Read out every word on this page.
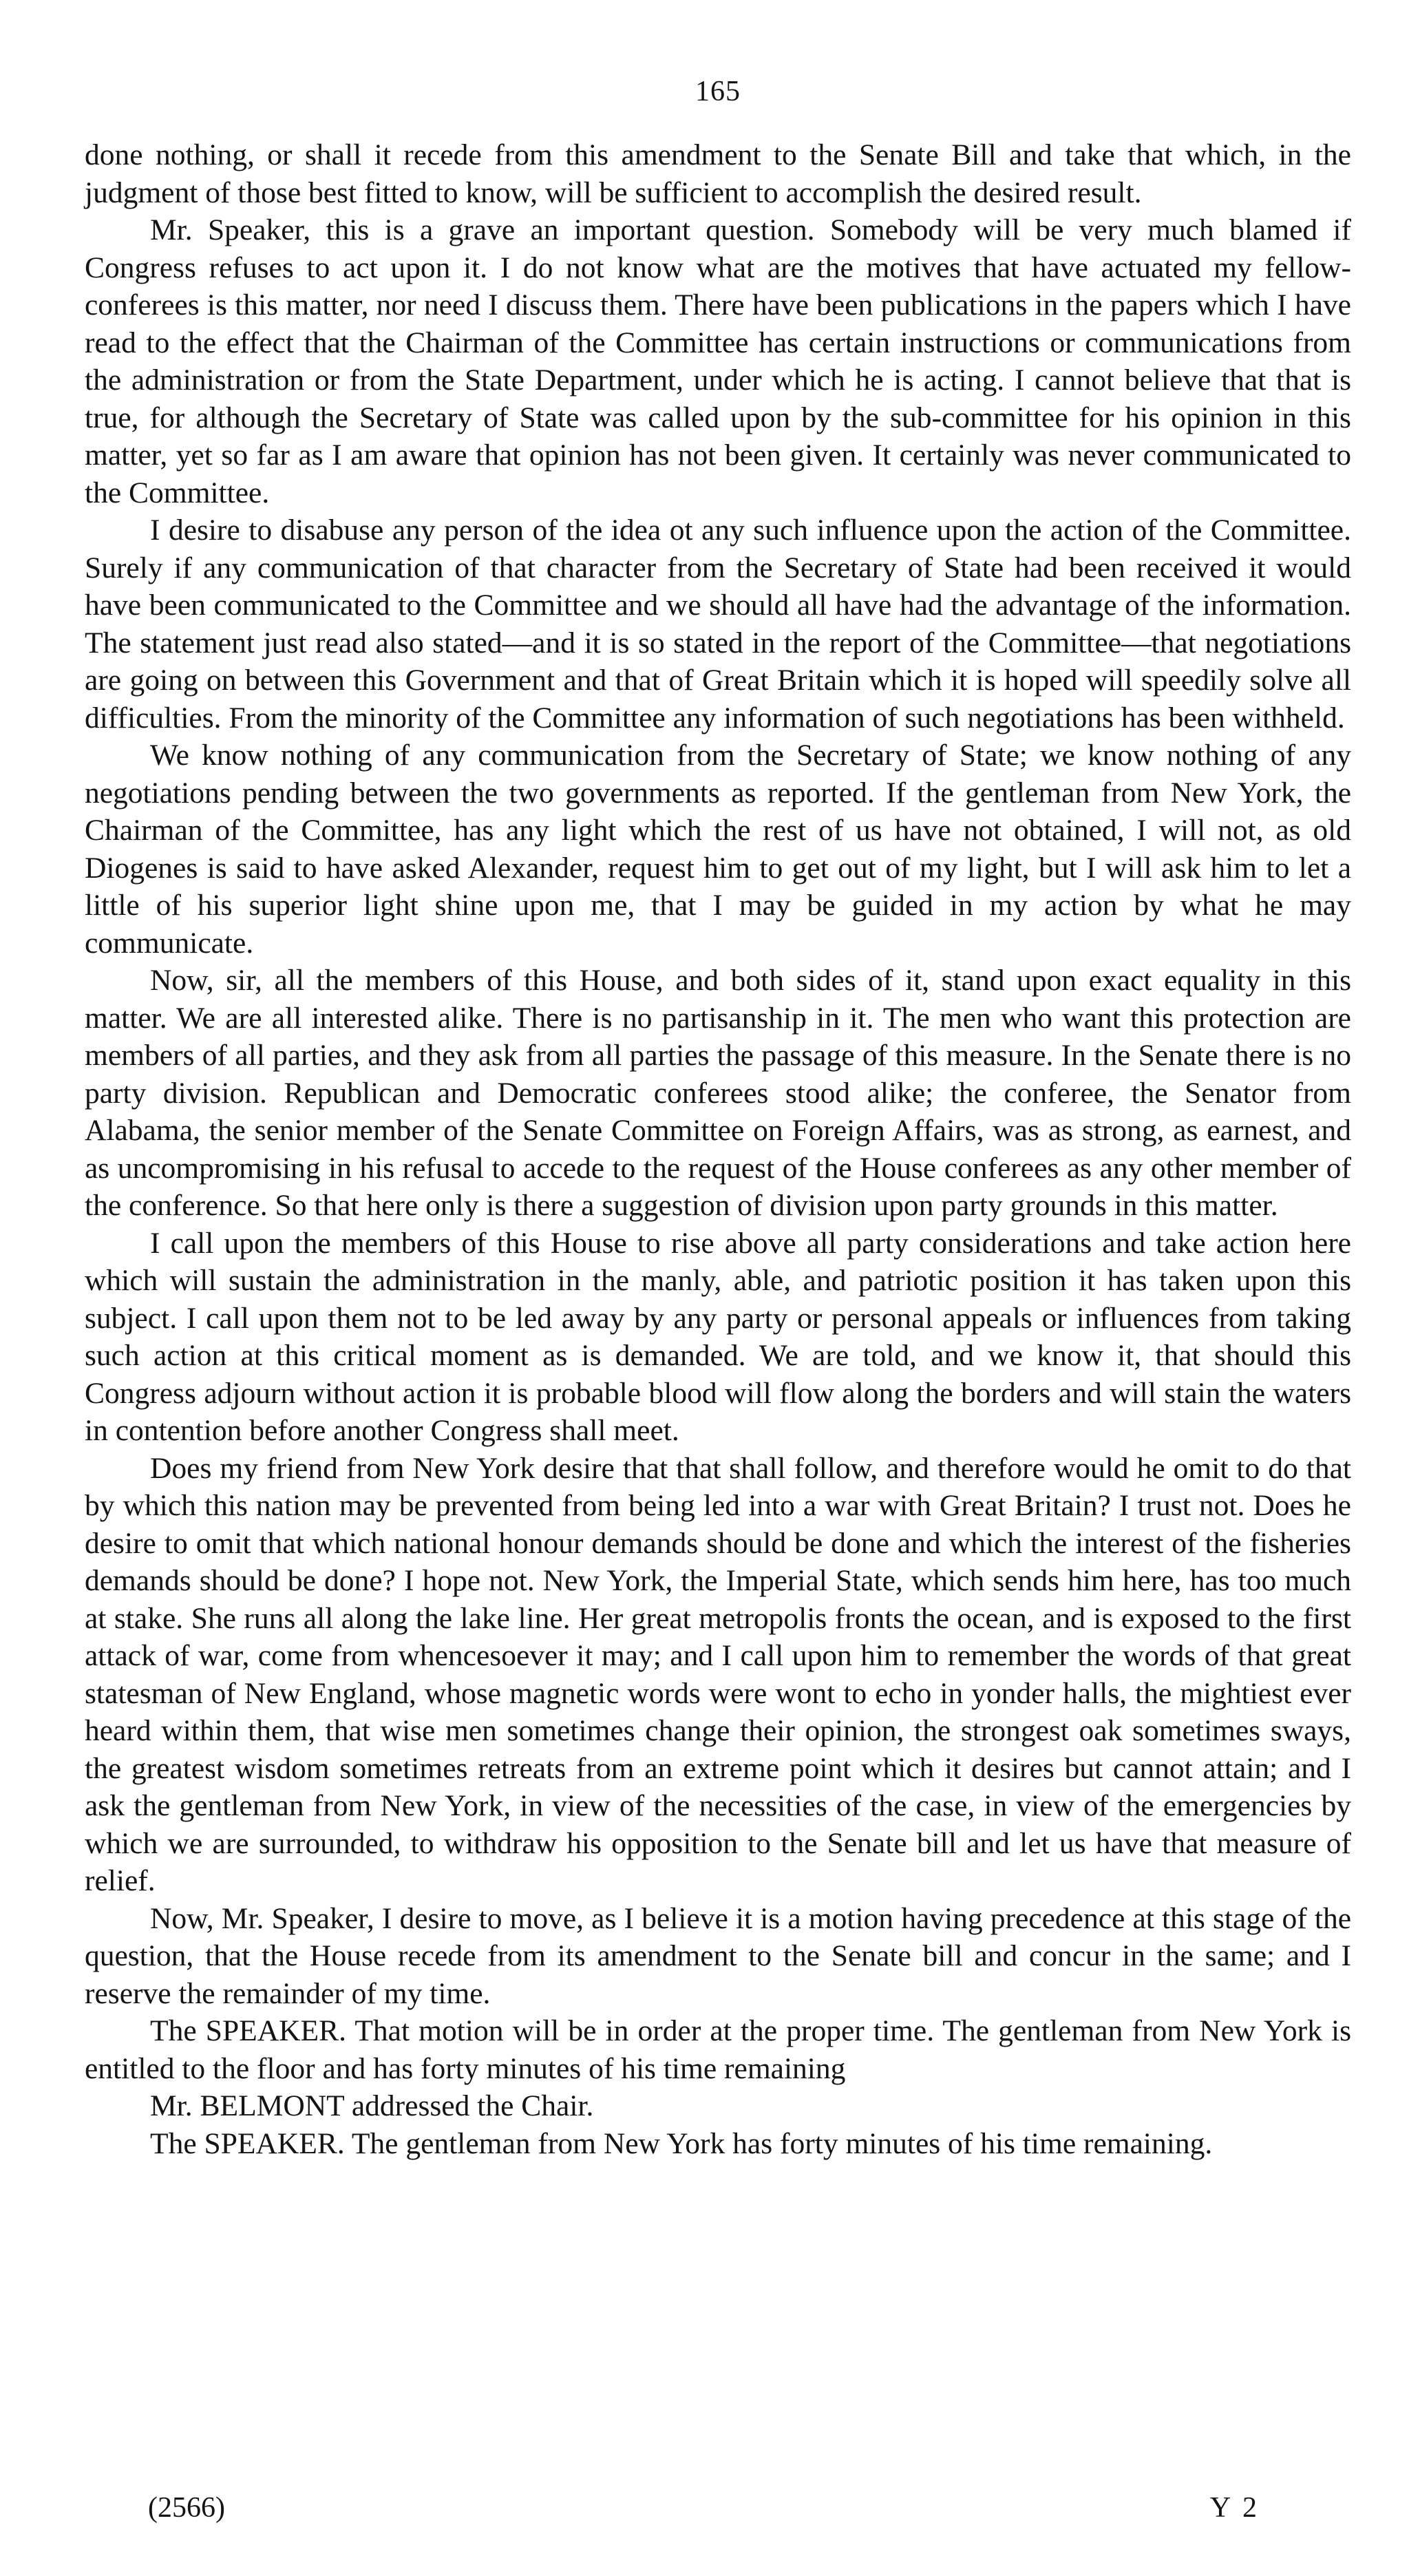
165

done nothing, or shall it recede from this amendment to the Senate Bill and take that which, in the judgment of those best fitted to know, will be sufficient to accomplish the desired result.

Mr. Speaker, this is a grave an important question. Somebody will be very much blamed if Congress refuses to act upon it. I do not know what are the motives that have actuated my fellow-conferees is this matter, nor need I discuss them. There have been publications in the papers which I have read to the effect that the Chairman of the Committee has certain instructions or communications from the administration or from the State Department, under which he is acting. I cannot believe that that is true, for although the Secretary of State was called upon by the sub-committee for his opinion in this matter, yet so far as I am aware that opinion has not been given. It certainly was never communicated to the Committee.

I desire to disabuse any person of the idea ot any such influence upon the action of the Committee. Surely if any communication of that character from the Secretary of State had been received it would have been communicated to the Committee and we should all have had the advantage of the information. The statement just read also stated—and it is so stated in the report of the Committee—that negotiations are going on between this Government and that of Great Britain which it is hoped will speedily solve all difficulties. From the minority of the Committee any information of such negotiations has been withheld.

We know nothing of any communication from the Secretary of State; we know nothing of any negotiations pending between the two governments as reported. If the gentleman from New York, the Chairman of the Committee, has any light which the rest of us have not obtained, I will not, as old Diogenes is said to have asked Alexander, request him to get out of my light, but I will ask him to let a little of his superior light shine upon me, that I may be guided in my action by what he may communicate.

Now, sir, all the members of this House, and both sides of it, stand upon exact equality in this matter. We are all interested alike. There is no partisanship in it. The men who want this protection are members of all parties, and they ask from all parties the passage of this measure. In the Senate there is no party division. Republican and Democratic conferees stood alike; the conferee, the Senator from Alabama, the senior member of the Senate Committee on Foreign Affairs, was as strong, as earnest, and as uncompromising in his refusal to accede to the request of the House conferees as any other member of the conference. So that here only is there a suggestion of division upon party grounds in this matter.

I call upon the members of this House to rise above all party considerations and take action here which will sustain the administration in the manly, able, and patriotic position it has taken upon this subject. I call upon them not to be led away by any party or personal appeals or influences from taking such action at this critical moment as is demanded. We are told, and we know it, that should this Congress adjourn without action it is probable blood will flow along the borders and will stain the waters in contention before another Congress shall meet.

Does my friend from New York desire that that shall follow, and therefore would he omit to do that by which this nation may be prevented from being led into a war with Great Britain? I trust not. Does he desire to omit that which national honour demands should be done and which the interest of the fisheries demands should be done? I hope not. New York, the Imperial State, which sends him here, has too much at stake. She runs all along the lake line. Her great metropolis fronts the ocean, and is exposed to the first attack of war, come from whencesoever it may; and I call upon him to remember the words of that great statesman of New England, whose magnetic words were wont to echo in yonder halls, the mightiest ever heard within them, that wise men sometimes change their opinion, the strongest oak sometimes sways, the greatest wisdom sometimes retreats from an extreme point which it desires but cannot attain; and I ask the gentleman from New York, in view of the necessities of the case, in view of the emergencies by which we are surrounded, to withdraw his opposition to the Senate bill and let us have that measure of relief.

Now, Mr. Speaker, I desire to move, as I believe it is a motion having precedence at this stage of the question, that the House recede from its amendment to the Senate bill and concur in the same; and I reserve the remainder of my time.

The SPEAKER. That motion will be in order at the proper time. The gentleman from New York is entitled to the floor and has forty minutes of his time remaining

Mr. BELMONT addressed the Chair.

The SPEAKER. The gentleman from New York has forty minutes of his time remaining.

(2566)	Y 2
